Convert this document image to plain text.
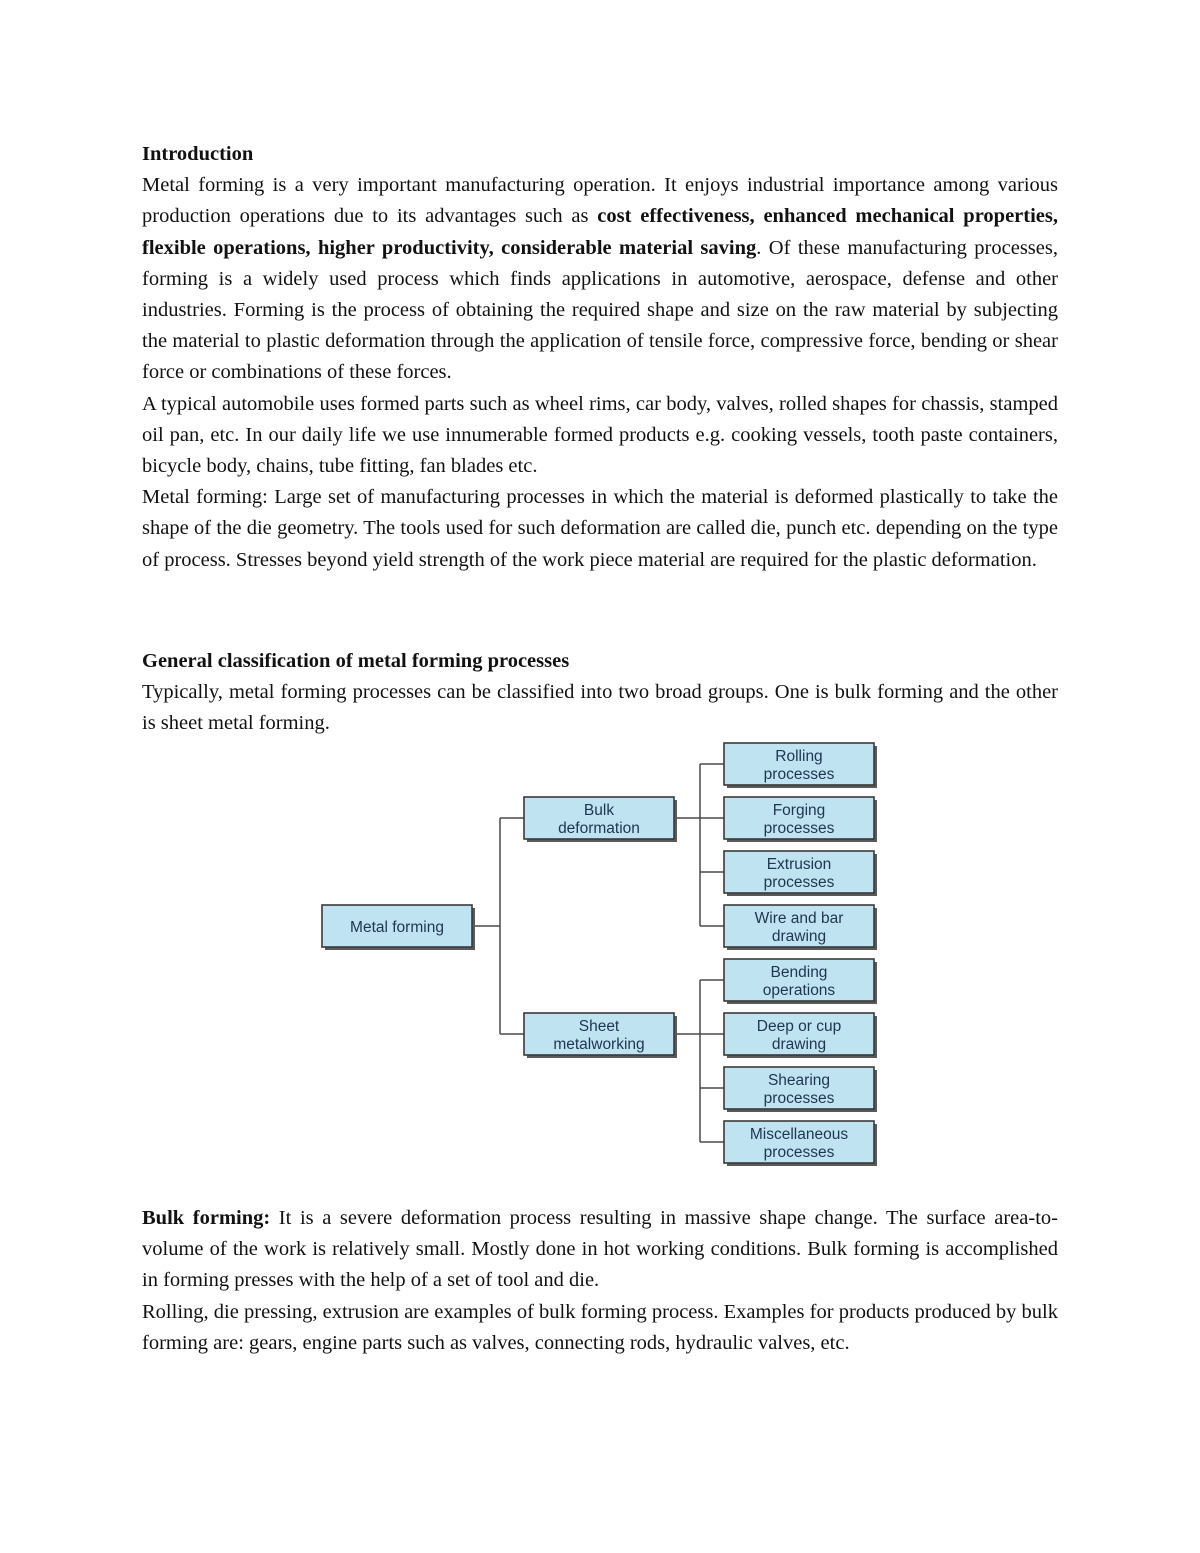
Introduction

Metal forming is a very important manufacturing operation. It enjoys industrial importance among various production operations due to its advantages such as cost effectiveness, enhanced mechanical properties, flexible operations, higher productivity, considerable material saving. Of these manufacturing processes, forming is a widely used process which finds applications in automotive, aerospace, defense and other industries. Forming is the process of obtaining the required shape and size on the raw material by subjecting the material to plastic deformation through the application of tensile force, compressive force, bending or shear force or combinations of these forces.

A typical automobile uses formed parts such as wheel rims, car body, valves, rolled shapes for chassis, stamped oil pan, etc. In our daily life we use innumerable formed products e.g. cooking vessels, tooth paste containers, bicycle body, chains, tube fitting, fan blades etc.

Metal forming: Large set of manufacturing processes in which the material is deformed plastically to take the shape of the die geometry. The tools used for such deformation are called die, punch etc. depending on the type of process. Stresses beyond yield strength of the work piece material are required for the plastic deformation.

General classification of metal forming processes

Typically, metal forming processes can be classified into two broad groups. One is bulk forming and the other is sheet metal forming.

Metal forming
Bulk
deformation
Sheet
metalworking
Rolling
processes
Forging
processes
Extrusion
processes
Wire and bar
drawing
Bending
operations
Deep or cup
drawing
Shearing
processes
Miscellaneous
processes

Bulk forming: It is a severe deformation process resulting in massive shape change. The surface area-to-volume of the work is relatively small. Mostly done in hot working conditions. Bulk forming is accomplished in forming presses with the help of a set of tool and die.

Rolling, die pressing, extrusion are examples of bulk forming process. Examples for products produced by bulk forming are: gears, engine parts such as valves, connecting rods, hydraulic valves, etc.
